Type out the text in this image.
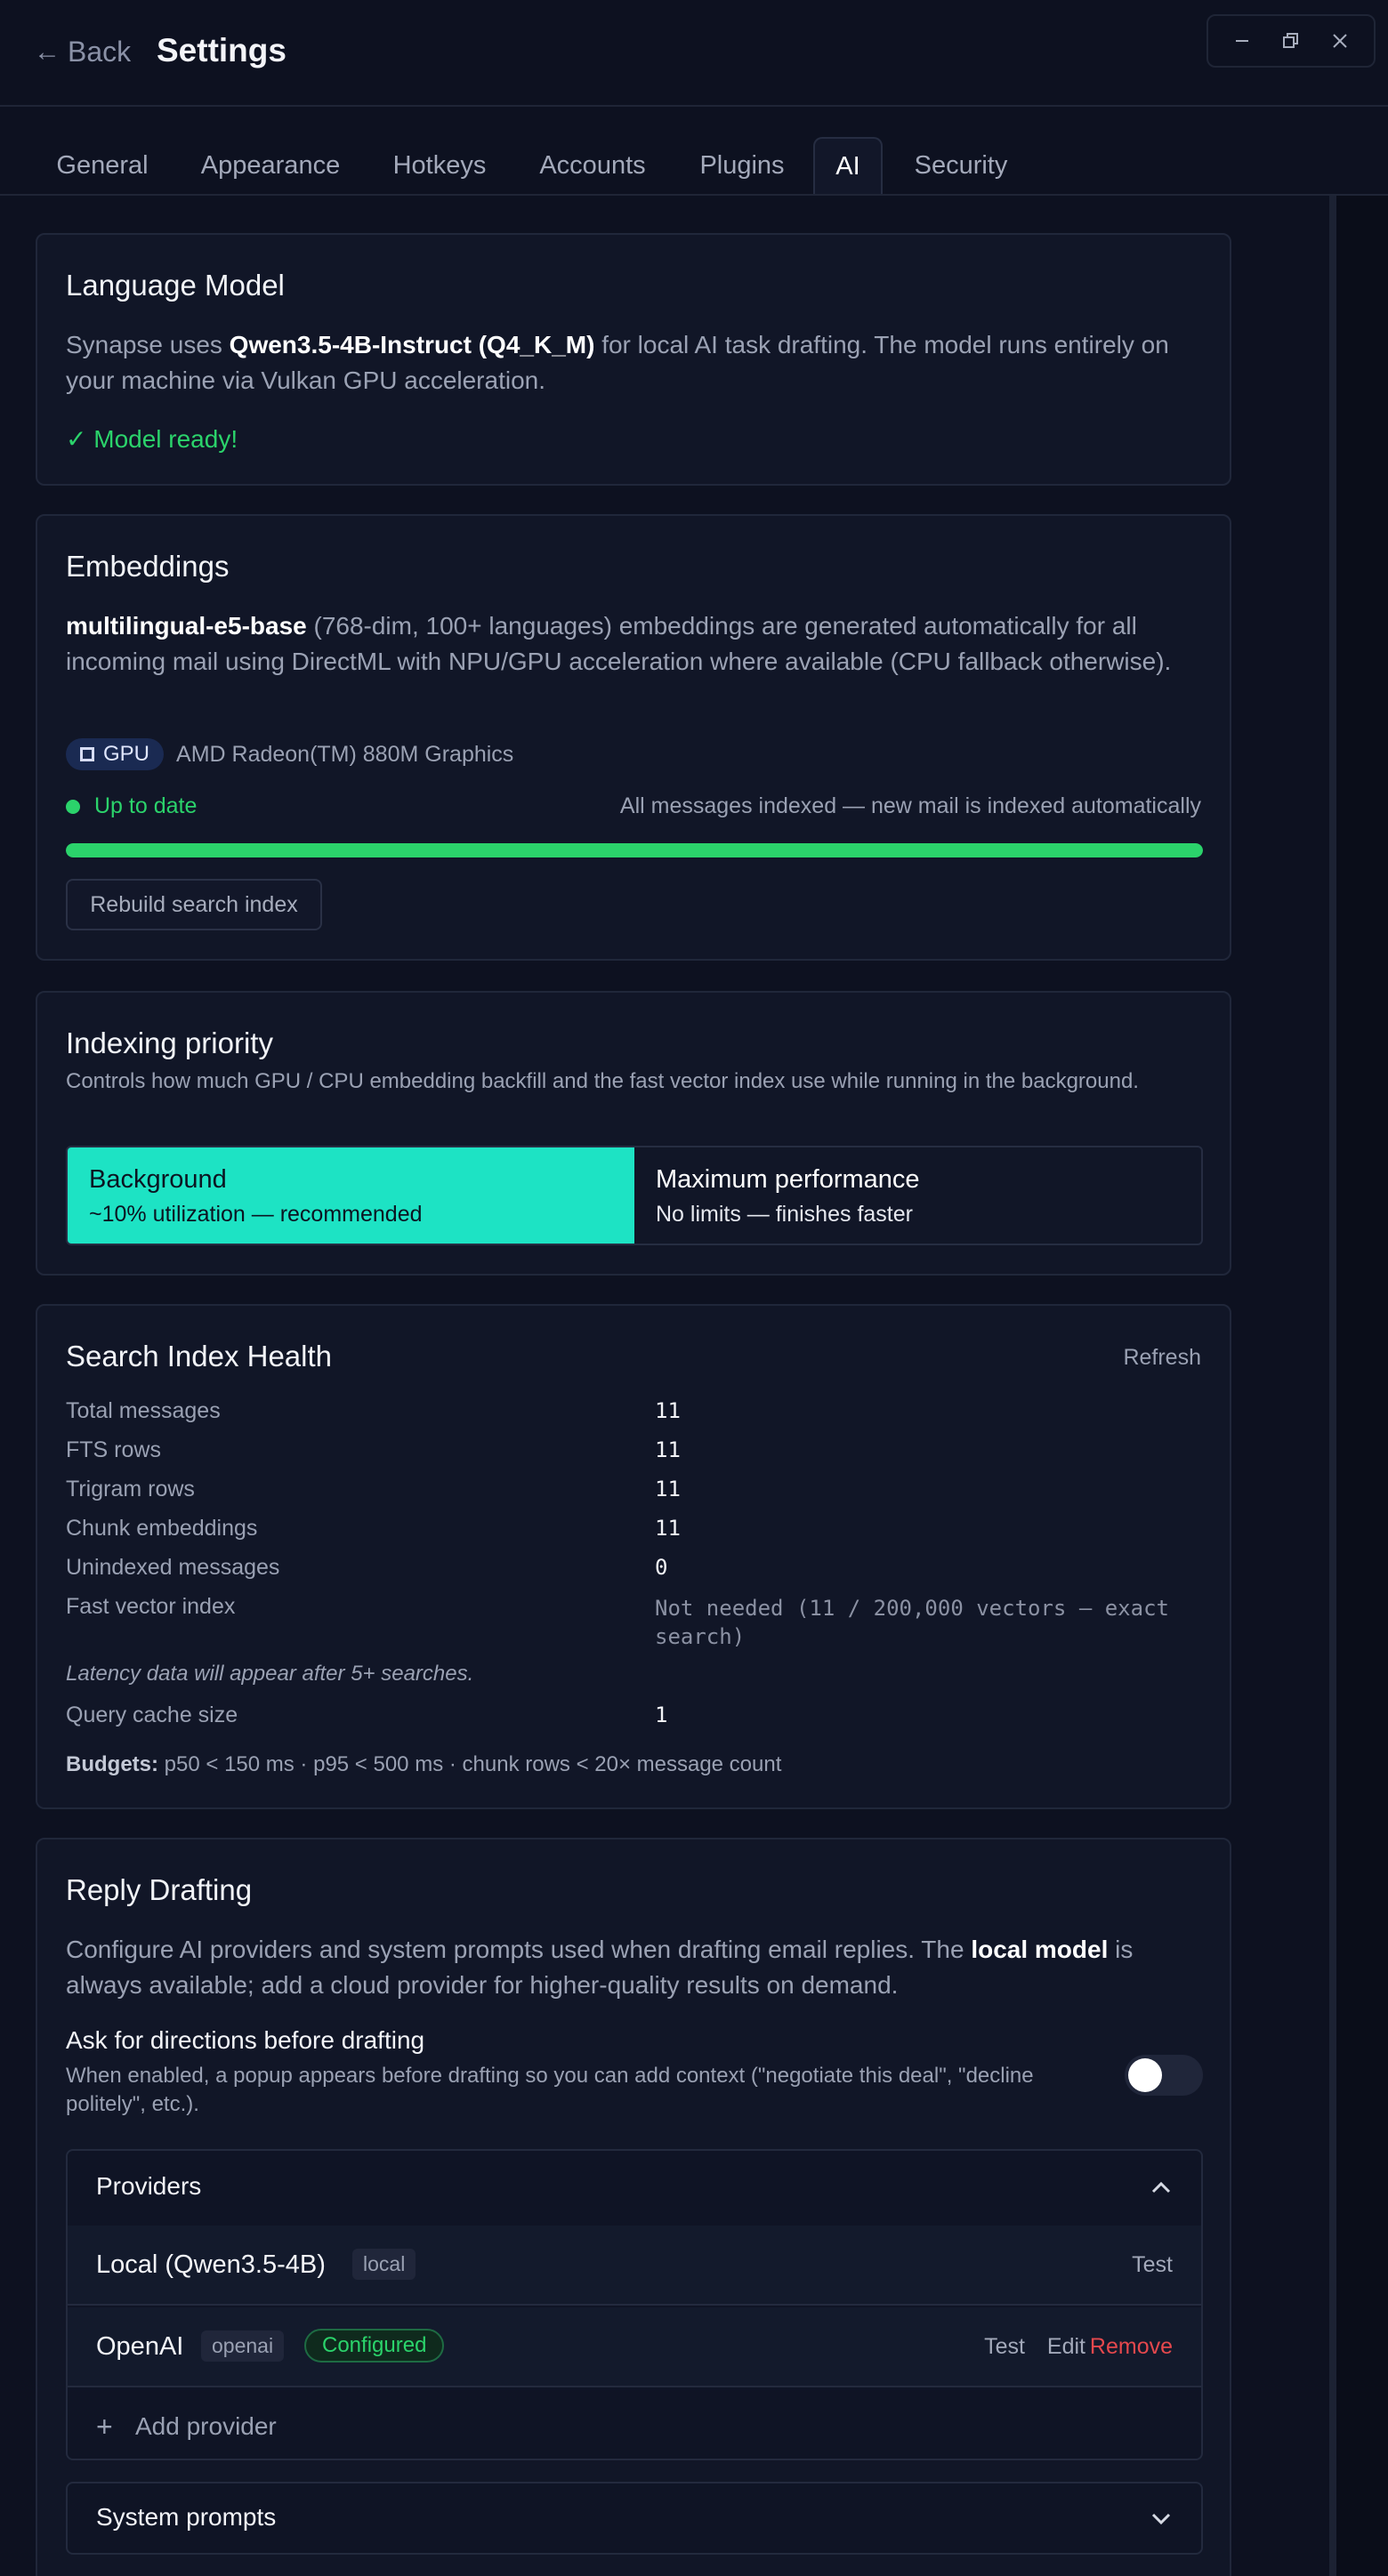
← Back Settings
General	Appearance	Hotkeys	Accounts	Plugins	AI	Security
Language Model
Synapse uses Qwen3.5-4B-Instruct (Q4_K_M) for local AI task drafting. The model runs entirely on your machine via Vulkan GPU acceleration.
✓ Model ready!
Embeddings
multilingual-e5-base (768-dim, 100+ languages) embeddings are generated automatically for all incoming mail using DirectML with NPU/GPU acceleration where available (CPU fallback otherwise).
GPU AMD Radeon(TM) 880M Graphics
Up to date	All messages indexed — new mail is indexed automatically
Rebuild search index
Indexing priority
Controls how much GPU / CPU embedding backfill and the fast vector index use while running in the background.
Background
~10% utilization — recommended
Maximum performance
No limits — finishes faster
Search Index Health	Refresh
Total messages	11
FTS rows	11
Trigram rows	11
Chunk embeddings	11
Unindexed messages	0
Fast vector index	Not needed (11 / 200,000 vectors — exact search)
Latency data will appear after 5+ searches.
Query cache size	1
Budgets: p50 < 150 ms · p95 < 500 ms · chunk rows < 20× message count
Reply Drafting
Configure AI providers and system prompts used when drafting email replies. The local model is always available; add a cloud provider for higher-quality results on demand.
Ask for directions before drafting
When enabled, a popup appears before drafting so you can add context ("negotiate this deal", "decline politely", etc.).
Providers
Local (Qwen3.5-4B)	local	Test
OpenAI	openai	Configured	Test Edit Remove
+ Add provider
System prompts
